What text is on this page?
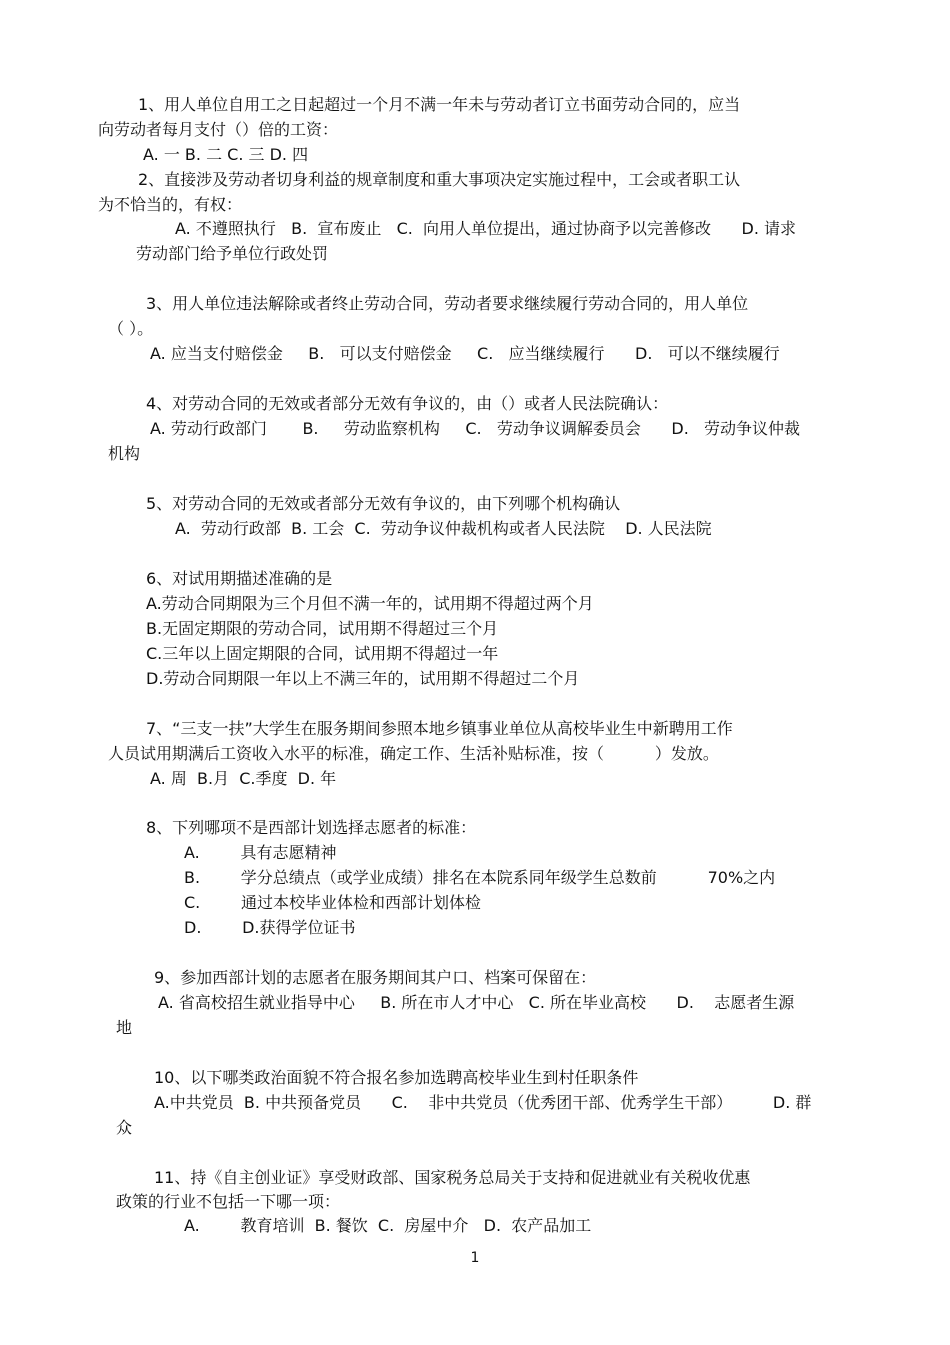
1、用人单位自用工之日起超过一个月不满一年未与劳动者订立书面劳动合同的，应当
向劳动者每月支付（）倍的工资：
A. 一 B. 二 C. 三 D. 四
2、直接涉及劳动者切身利益的规章制度和重大事项决定实施过程中，工会或者职工认
为不恰当的，有权：
A. 不遵照执行   B.  宣布废止   C.  向用人单位提出，通过协商予以完善修改      D. 请求
劳动部门给予单位行政处罚
3、用人单位违法解除或者终止劳动合同，劳动者要求继续履行劳动合同的，用人单位
（ ）。
A. 应当支付赔偿金     B.   可以支付赔偿金     C.   应当继续履行      D.   可以不继续履行
4、对劳动合同的无效或者部分无效有争议的，由（）或者人民法院确认：
A. 劳动行政部门       B.     劳动监察机构     C.   劳动争议调解委员会      D.   劳动争议仲裁
机构
5、对劳动合同的无效或者部分无效有争议的，由下列哪个机构确认
A.  劳动行政部  B. 工会  C.  劳动争议仲裁机构或者人民法院    D. 人民法院
6、对试用期描述准确的是
A.劳动合同期限为三个月但不满一年的，试用期不得超过两个月
B.无固定期限的劳动合同，试用期不得超过三个月
C.三年以上固定期限的合同，试用期不得超过一年
D.劳动合同期限一年以上不满三年的，试用期不得超过二个月
7、“三支一扶”大学生在服务期间参照本地乡镇事业单位从高校毕业生中新聘用工作
人员试用期满后工资收入水平的标准，确定工作、生活补贴标准，按（          ）发放。
A. 周  B.月  C.季度  D. 年
8、下列哪项不是西部计划选择志愿者的标准：
A.        具有志愿精神
B.        学分总绩点（或学业成绩）排名在本院系同年级学生总数前          70%之内
C.        通过本校毕业体检和西部计划体检
D.        D.获得学位证书
9、参加西部计划的志愿者在服务期间其户口、档案可保留在：
A. 省高校招生就业指导中心     B. 所在市人才中心   C. 所在毕业高校      D.    志愿者生源
地
10、以下哪类政治面貌不符合报名参加选聘高校毕业生到村任职条件
A.中共党员  B. 中共预备党员      C.    非中共党员（优秀团干部、优秀学生干部）        D. 群
众
11、持《自主创业证》享受财政部、国家税务总局关于支持和促进就业有关税收优惠
政策的行业不包括一下哪一项：
A.        教育培训  B. 餐饮  C.  房屋中介   D.  农产品加工
1
